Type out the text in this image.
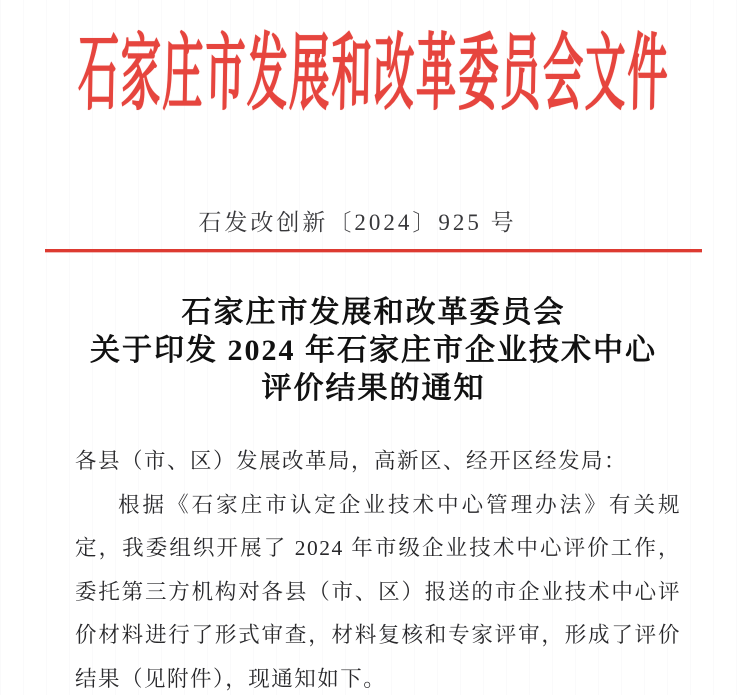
石家庄市发展和改革委员会文件
石发改创新〔2024〕925 号
石家庄市发展和改革委员会
关于印发 2024 年石家庄市企业技术中心
评价结果的通知

各县（市、区）发展改革局，高新区、经开区经发局：

根据《石家庄市认定企业技术中心管理办法》有关规定，我委组织开展了 2024 年市级企业技术中心评价工作，委托第三方机构对各县（市、区）报送的市企业技术中心评价材料进行了形式审查，材料复核和专家评审，形成了评价结果（见附件），现通知如下。
